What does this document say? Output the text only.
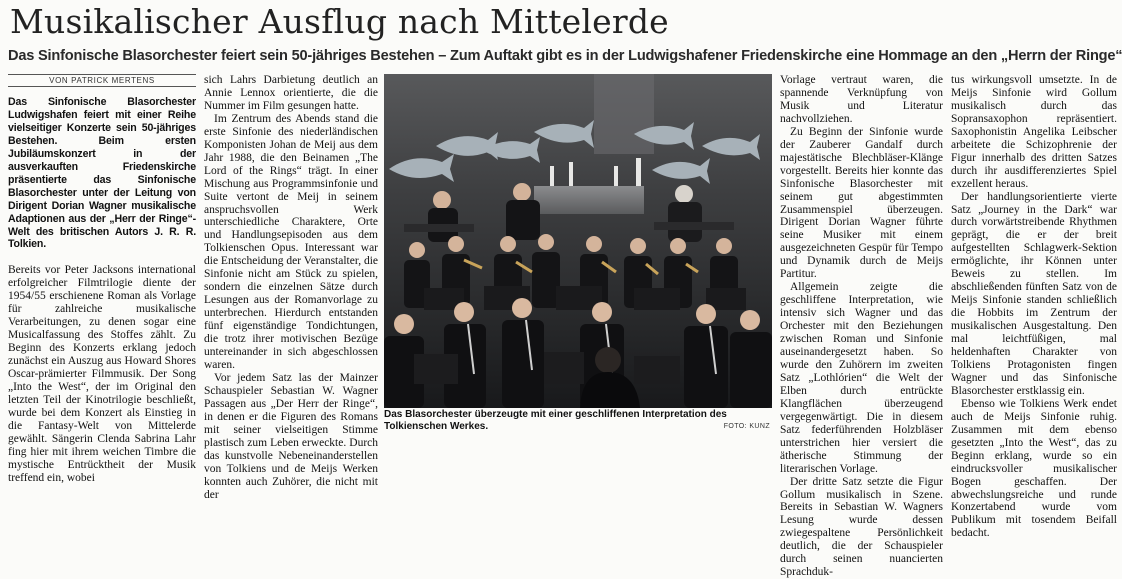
Musikalischer Ausflug nach Mittelerde
Das Sinfonische Blasorchester feiert sein 50-jähriges Bestehen – Zum Auftakt gibt es in der Ludwigshafener Friedenskirche eine Hommage an den „Herrn der Ringe“
VON PATRICK MERTENS

Das Sinfonische Blasorchester Ludwigshafen feiert mit einer Reihe vielseitiger Konzerte sein 50-jähriges Bestehen. Beim ersten Jubiläumskonzert in der ausverkauften Friedenskirche präsentierte das Sinfonische Blasorchester unter der Leitung von Dirigent Dorian Wagner musikalische Adaptionen aus der „Herr der Ringe“-Welt des britischen Autors J. R. R. Tolkien.

Bereits vor Peter Jacksons international erfolgreicher Filmtrilogie diente der 1954/55 erschienene Roman als Vorlage für zahlreiche musikalische Verarbeitungen, zu denen sogar eine Musicalfassung des Stoffes zählt. Zu Beginn des Konzerts erklang jedoch zunächst ein Auszug aus Howard Shores Oscar-prämierter Filmmusik. Der Song „Into the West“, der im Original den letzten Teil der Kinotrilogie beschließt, wurde bei dem Konzert als Einstieg in die Fantasy-Welt von Mittelerde gewählt. Sängerin Clenda Sabrina Lahr fing hier mit ihrem weichen Timbre die mystische Entrücktheit der Musik treffend ein, wobei

sich Lahrs Darbietung deutlich an Annie Lennox orientierte, die die Nummer im Film gesungen hatte.

Im Zentrum des Abends stand die erste Sinfonie des niederländischen Komponisten Johan de Meij aus dem Jahr 1988, die den Beinamen „The Lord of the Rings“ trägt. In einer Mischung aus Programmsinfonie und Suite vertont de Meij in seinem anspruchsvollen Werk unterschiedliche Charaktere, Orte und Handlungsepisoden aus dem Tolkienschen Opus. Interessant war die Entscheidung der Veranstalter, die Sinfonie nicht am Stück zu spielen, sondern die einzelnen Sätze durch Lesungen aus der Romanvorlage zu unterbrechen. Hierdurch entstanden fünf eigenständige Tondichtungen, die trotz ihrer motivischen Bezüge untereinander in sich abgeschlossen waren.

Vor jedem Satz las der Mainzer Schauspieler Sebastian W. Wagner Passagen aus „Der Herr der Ringe“, in denen er die Figuren des Romans mit seiner vielseitigen Stimme plastisch zum Leben erweckte. Durch das kunstvolle Nebeneinanderstellen von Tolkiens und de Meijs Werken konnten auch Zuhörer, die nicht mit der

Das Blasorchester überzeugte mit einer geschliffenen Interpretation des Tolkienschen Werkes.	FOTO: KUNZ

Vorlage vertraut waren, die spannende Verknüpfung von Musik und Literatur nachvollziehen.

Zu Beginn der Sinfonie wurde der Zauberer Gandalf durch majestätische Blechbläser-Klänge vorgestellt. Bereits hier konnte das Sinfonische Blasorchester mit seinem gut abgestimmten Zusammenspiel überzeugen. Dirigent Dorian Wagner führte seine Musiker mit einem ausgezeichneten Gespür für Tempo und Dynamik durch de Meijs Partitur.

Allgemein zeigte die geschliffene Interpretation, wie intensiv sich Wagner und das Orchester mit den Beziehungen zwischen Roman und Sinfonie auseinandergesetzt haben. So wurde den Zuhörern im zweiten Satz „Lothlórien“ die Welt der Elben durch entrückte Klangflächen überzeugend vergegenwärtigt. Die in diesem Satz federführenden Holzbläser unterstrichen hier versiert die ätherische Stimmung der literarischen Vorlage.

Der dritte Satz setzte die Figur Gollum musikalisch in Szene. Bereits in Sebastian W. Wagners Lesung wurde dessen zwiegespaltene Persönlichkeit deutlich, die der Schauspieler durch seinen nuancierten Sprachduk-

tus wirkungsvoll umsetzte. In de Meijs Sinfonie wird Gollum musikalisch durch das Sopransaxophon repräsentiert. Saxophonistin Angelika Leibscher arbeitete die Schizophrenie der Figur innerhalb des dritten Satzes durch ihr ausdifferenziertes Spiel exzellent heraus.

Der handlungsorientierte vierte Satz „Journey in the Dark“ war durch vorwärtstreibende Rhythmen geprägt, die er der breit aufgestellten Schlagwerk-Sektion ermöglichte, ihr Können unter Beweis zu stellen. Im abschließenden fünften Satz von de Meijs Sinfonie standen schließlich die Hobbits im Zentrum der musikalischen Ausgestaltung. Den mal leichtfüßigen, mal heldenhaften Charakter von Tolkiens Protagonisten fingen Wagner und das Sinfonische Blasorchester erstklassig ein.

Ebenso wie Tolkiens Werk endet auch de Meijs Sinfonie ruhig. Zusammen mit dem ebenso gesetzten „Into the West“, das zu Beginn erklang, wurde so ein eindrucksvoller musikalischer Bogen geschaffen. Der abwechslungsreiche und runde Konzertabend wurde vom Publikum mit tosendem Beifall bedacht.
